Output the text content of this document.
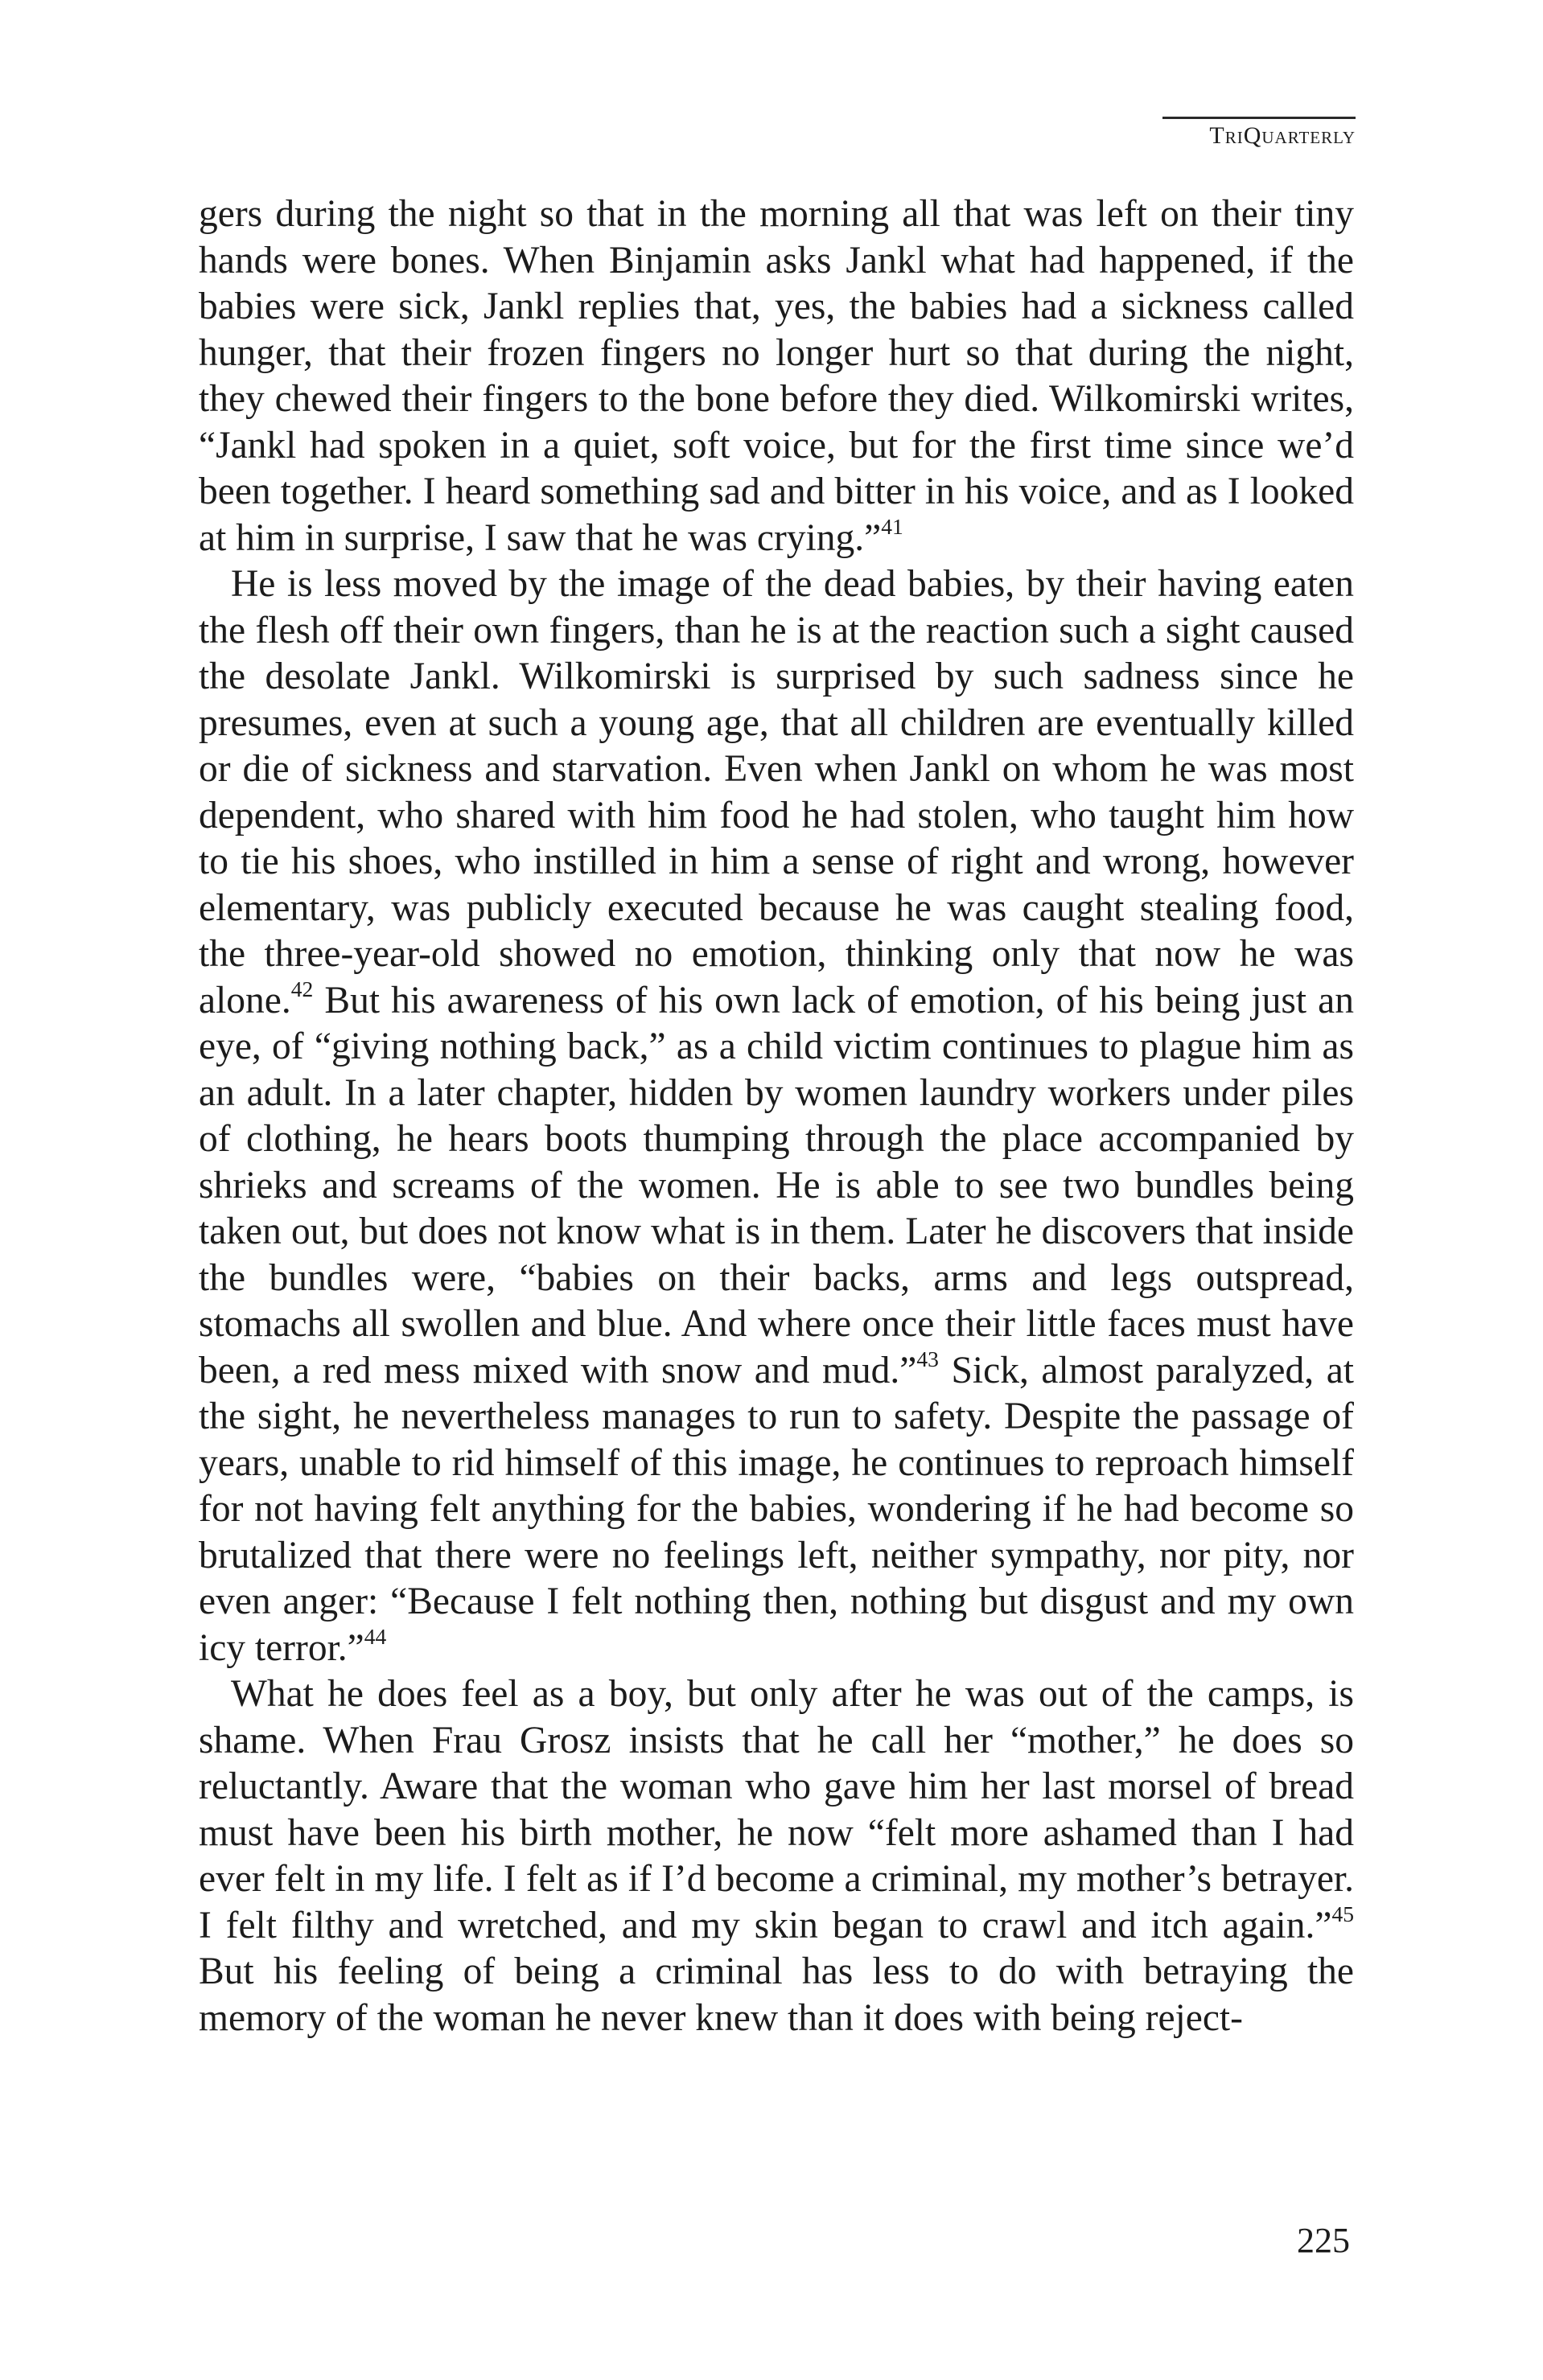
TriQuarterly

gers during the night so that in the morning all that was left on their tiny hands were bones. When Binjamin asks Jankl what had happened, if the babies were sick, Jankl replies that, yes, the babies had a sickness called hunger, that their frozen fingers no longer hurt so that during the night, they chewed their fingers to the bone before they died. Wilkomirski writes, “Jankl had spoken in a quiet, soft voice, but for the first time since we’d been together. I heard something sad and bitter in his voice, and as I looked at him in surprise, I saw that he was crying.”$^{41}$

He is less moved by the image of the dead babies, by their having eaten the flesh off their own fingers, than he is at the reaction such a sight caused the desolate Jankl. Wilkomirski is surprised by such sadness since he presumes, even at such a young age, that all children are eventually killed or die of sickness and starvation. Even when Jankl on whom he was most dependent, who shared with him food he had stolen, who taught him how to tie his shoes, who instilled in him a sense of right and wrong, however elementary, was publicly executed because he was caught stealing food, the three-year-old showed no emotion, thinking only that now he was alone.$^{42}$ But his awareness of his own lack of emotion, of his being just an eye, of “giving nothing back,” as a child victim continues to plague him as an adult. In a later chapter, hidden by women laundry workers under piles of clothing, he hears boots thumping through the place accompanied by shrieks and screams of the women. He is able to see two bundles being taken out, but does not know what is in them. Later he discovers that inside the bundles were, “babies on their backs, arms and legs outspread, stomachs all swollen and blue. And where once their little faces must have been, a red mess mixed with snow and mud.”$^{43}$ Sick, almost paralyzed, at the sight, he nevertheless manages to run to safety. Despite the passage of years, unable to rid himself of this image, he continues to reproach himself for not having felt anything for the babies, wondering if he had become so brutalized that there were no feelings left, neither sympathy, nor pity, nor even anger: “Because I felt nothing then, nothing but disgust and my own icy terror.”$^{44}$

What he does feel as a boy, but only after he was out of the camps, is shame. When Frau Grosz insists that he call her “mother,” he does so reluctantly. Aware that the woman who gave him her last morsel of bread must have been his birth mother, he now “felt more ashamed than I had ever felt in my life. I felt as if I’d become a criminal, my mother’s betrayer. I felt filthy and wretched, and my skin began to crawl and itch again.”$^{45}$ But his feeling of being a criminal has less to do with betraying the memory of the woman he never knew than it does with being reject-

225
